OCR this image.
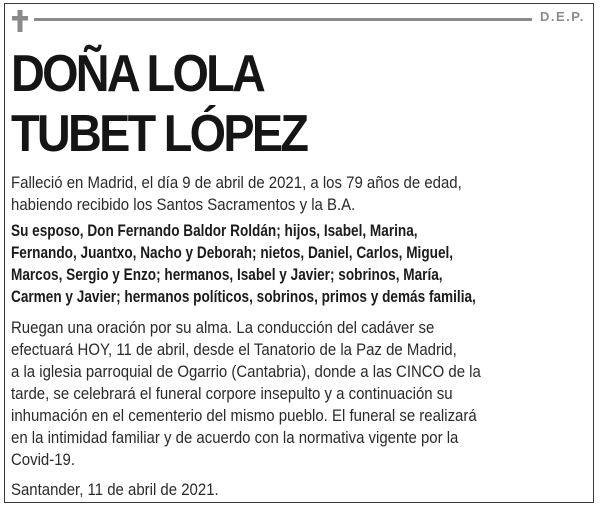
D.E.P.
DOÑA LOLA
TUBET LÓPEZ
Falleció en Madrid, el día 9 de abril de 2021, a los 79 años de edad,
habiendo recibido los Santos Sacramentos y la B.A.
Su esposo, Don Fernando Baldor Roldán; hijos, Isabel, Marina,
Fernando, Juantxo, Nacho y Deborah; nietos, Daniel, Carlos, Miguel,
Marcos, Sergio y Enzo; hermanos, Isabel y Javier; sobrinos, María,
Carmen y Javier; hermanos políticos, sobrinos, primos y demás familia,
Ruegan una oración por su alma. La conducción del cadáver se
efectuará HOY, 11 de abril, desde el Tanatorio de la Paz de Madrid,
a la iglesia parroquial de Ogarrio (Cantabria), donde a las CINCO de la
tarde, se celebrará el funeral corpore insepulto y a continuación su
inhumación en el cementerio del mismo pueblo. El funeral se realizará
en la intimidad familiar y de acuerdo con la normativa vigente por la
Covid-19.
Santander, 11 de abril de 2021.
